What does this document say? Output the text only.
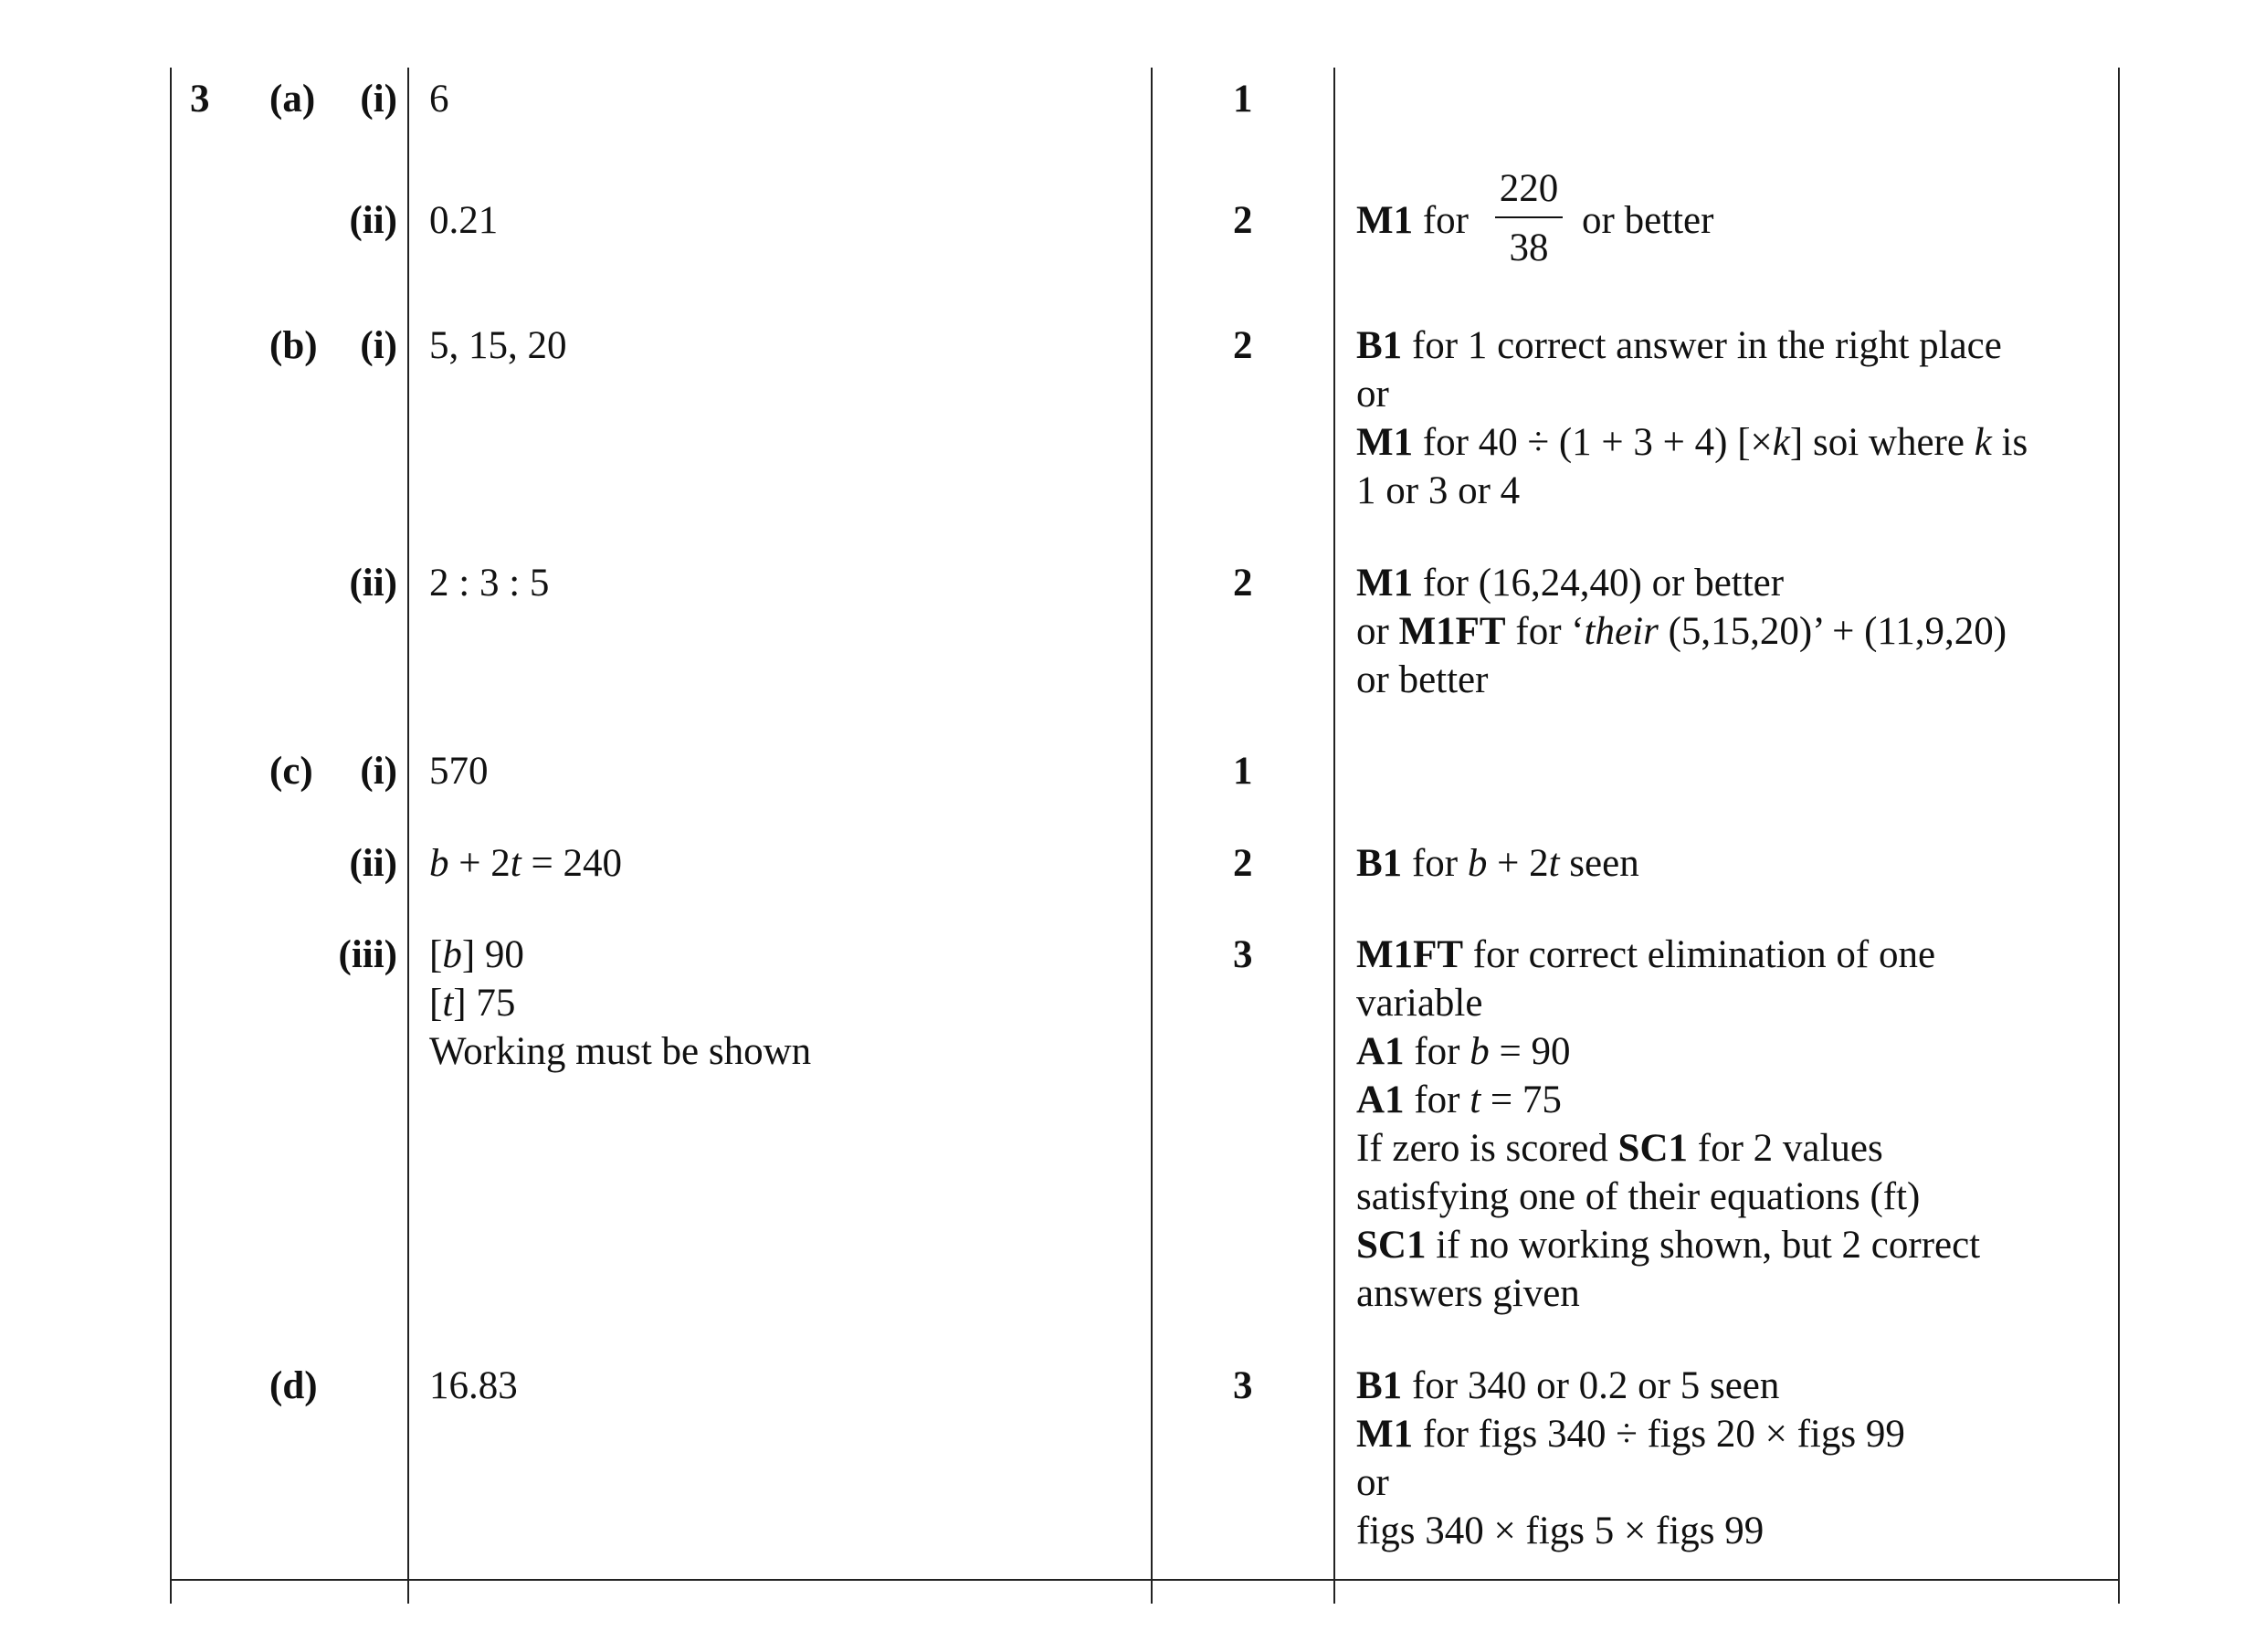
3 (a)	(i) 6	1
(ii) 0.21	2	M1 for
220
38
or better
(b)	(i) 5, 15, 20	2	B1 for 1 correct answer in the right place
or
M1 for 40 ÷ (1 + 3 + 4) [×k] soi where k is
1 or 3 or 4
(ii) 2 : 3 : 5	2	M1 for (16,24,40) or better
or M1FT for ‘their (5,15,20)’ + (11,9,20)
or better
(c)	(i) 570	1
(ii) b + 2t = 240	2	B1 for b + 2t seen
(iii) [b] 90
[t] 75
Working must be shown
3	M1FT for correct elimination of one
variable
A1 for b = 90
A1 for t = 75
If zero is scored SC1 for 2 values
satisfying one of their equations (ft)
SC1 if no working shown, but 2 correct
answers given
(d)	16.83	3	B1 for 340 or 0.2 or 5 seen
M1 for figs 340 ÷ figs 20 × figs 99
or
figs 340 × figs 5 × figs 99
